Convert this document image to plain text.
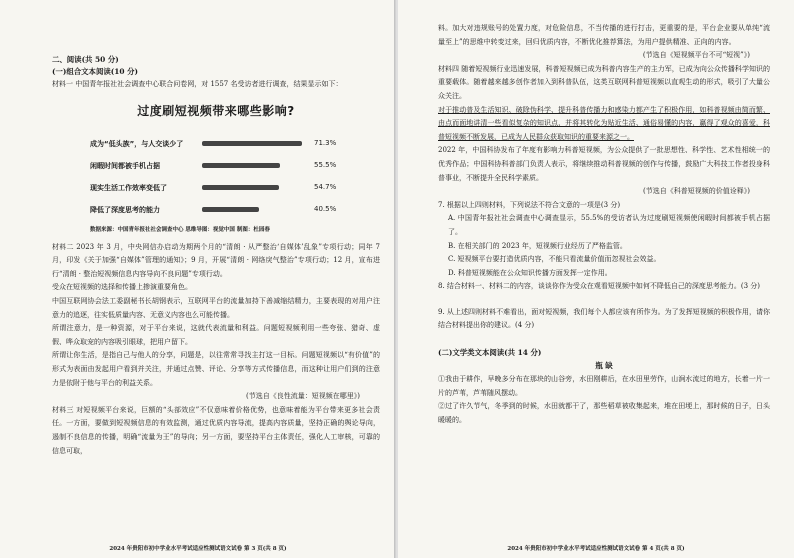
二、阅读(共 50 分)

(一)组合文本阅读(10 分)

材料一 中国青年报社社会调查中心联合问卷网，对 1557 名受访者进行调查，结果显示如下：

过度刷短视频带来哪些影响?
成为“低头族”，与人交谈少了	71.3%
闲暇时间都被手机占据	55.5%
现实生活工作效率变低了	54.7%
降低了深度思考的能力	40.5%
数据来源：中国青年报社社会调查中心 思维导图：视觉中国 制图：杜园春

材料二 2023 年 3 月，中央网信办启动为期两个月的“清朗 · 从严整治‘自媒体’乱象”专项行动；同年 7 月，印发《关于加强“自媒体”管理的通知》；9 月，开展“清朗 · 网络戾气整治”专项行动；12 月，宣布进行“清朗 · 整治短视频信息内容导向不良问题”专项行动。

受众在短视频的选择和传播上掺演重要角色。

中国互联网协会法工委副秘书长胡钢表示，互联网平台的流量加持下善减缩结精力，主要表现的对用户注意力的追逐，往实低质量内容、无意义内容也么可能传播。

所谓注意力，是一种资源，对于平台来说，这就代表流量和利益。问题短视频利用一些夸张、猎奇、虚假、哗众取宠的内容吸引眼球，把用户留下。

所谓让你生活，是指自己与他人的分享，问题是，以往常常寻找主打这一目标。问题短视频以“有价值”的形式为表面由发起用户看到并关注，并通过点赞、评论、分享等方式传播信息，而这种让用户们到的注意力是依附于他与平台的利益关系。

(节选自《良性流量：短视频在哪里》)

材料三 对短视频平台来说，巨额的“头部效应”不仅意味着价格优势，也意味着能为平台带来更多社会责任。一方面，要做到短视频信息的有效监测，通过优质内容导流，提高内容质量，坚持正确的舆论导向，遏制不良信息的传播，明确“流量为王”的导向；另一方面，要坚持平台主体责任，强化人工审核，可靠的信息可取，

2024 年贵阳市初中学业水平考试适应性测试语文试卷 第 3 页(共 8 页)

料。加大对违规账号的处置力度，对危险信息，不当传播的进行打击，更重要的是，平台企业要从单纯“流量至上”的思维中转变过来，回归优质内容，不断优化推荐算法，为用户提供精准、正向的内容。

(节选自《短视频平台不可“短视”》)

材料四 随着短视频行业迅速发展，科普短视频已成为科普内容生产的主力军，已成为向公众传播科学知识的重要载体。随着越来越多创作者加入到科普队伍，这类互联网科普短视频以直观生动的形式，吸引了大量公众关注。

对于推动普及生活知识、破除伪科学、提升科普传播力和感染力都产生了积极作用，如科普视频由简而繁、由点而面地讲清一些看似复杂的知识点，并将其转化为贴近生活、通俗易懂的内容，赢得了观众的喜爱，科普短视频不断发展，已成为人民群众获取知识的重要来源之一。

2022 年，中国科协发布了年度有影响力科普短视频，为公众提供了一批思想性、科学性、艺术性相统一的优秀作品；中国科协科普部门负责人表示，将继续推动科普视频的创作与传播，鼓励广大科技工作者投身科普事业，不断提升全民科学素质。

(节选自《科普短视频的价值诠释》)

7. 根据以上四则材料，下列说法不符合文意的一项是(3 分)

A. 中国青年报社社会调查中心调查显示，55.5%的受访者认为过度刷短视频使闲暇时间都被手机占据了。

B. 在相关部门的 2023 年，短视频行业经历了严格监管。

C. 短视频平台要打造优质内容，不能只看流量价值而忽视社会效益。

D. 科普短视频能在公众知识传播方面发挥一定作用。

8. 结合材料一、材料二的内容，谈谈你作为受众在观看短视频中如何不降低自己的深度思考能力。(3 分)

9. 从上述四则材料不难看出，面对短视频，我们每个人都应该有所作为。为了发挥短视频的积极作用，请你结合材料提出你的建议。(4 分)

(二)文学类文本阅读(共 14 分)

瓶 缺

①我由于耕作，早晚多分布在那块的山谷旁，水田刚耕后，在水田里劳作，山涧水流过的地方，长着一片一片的芦苇，芦苇随风摆动。

②过了许久节气，冬季到的时候，水田就都干了，那些稻草被收集起来，堆在田埂上，那时候的日子，日头暖暖的。

2024 年贵阳市初中学业水平考试适应性测试语文试卷 第 4 页(共 8 页)
